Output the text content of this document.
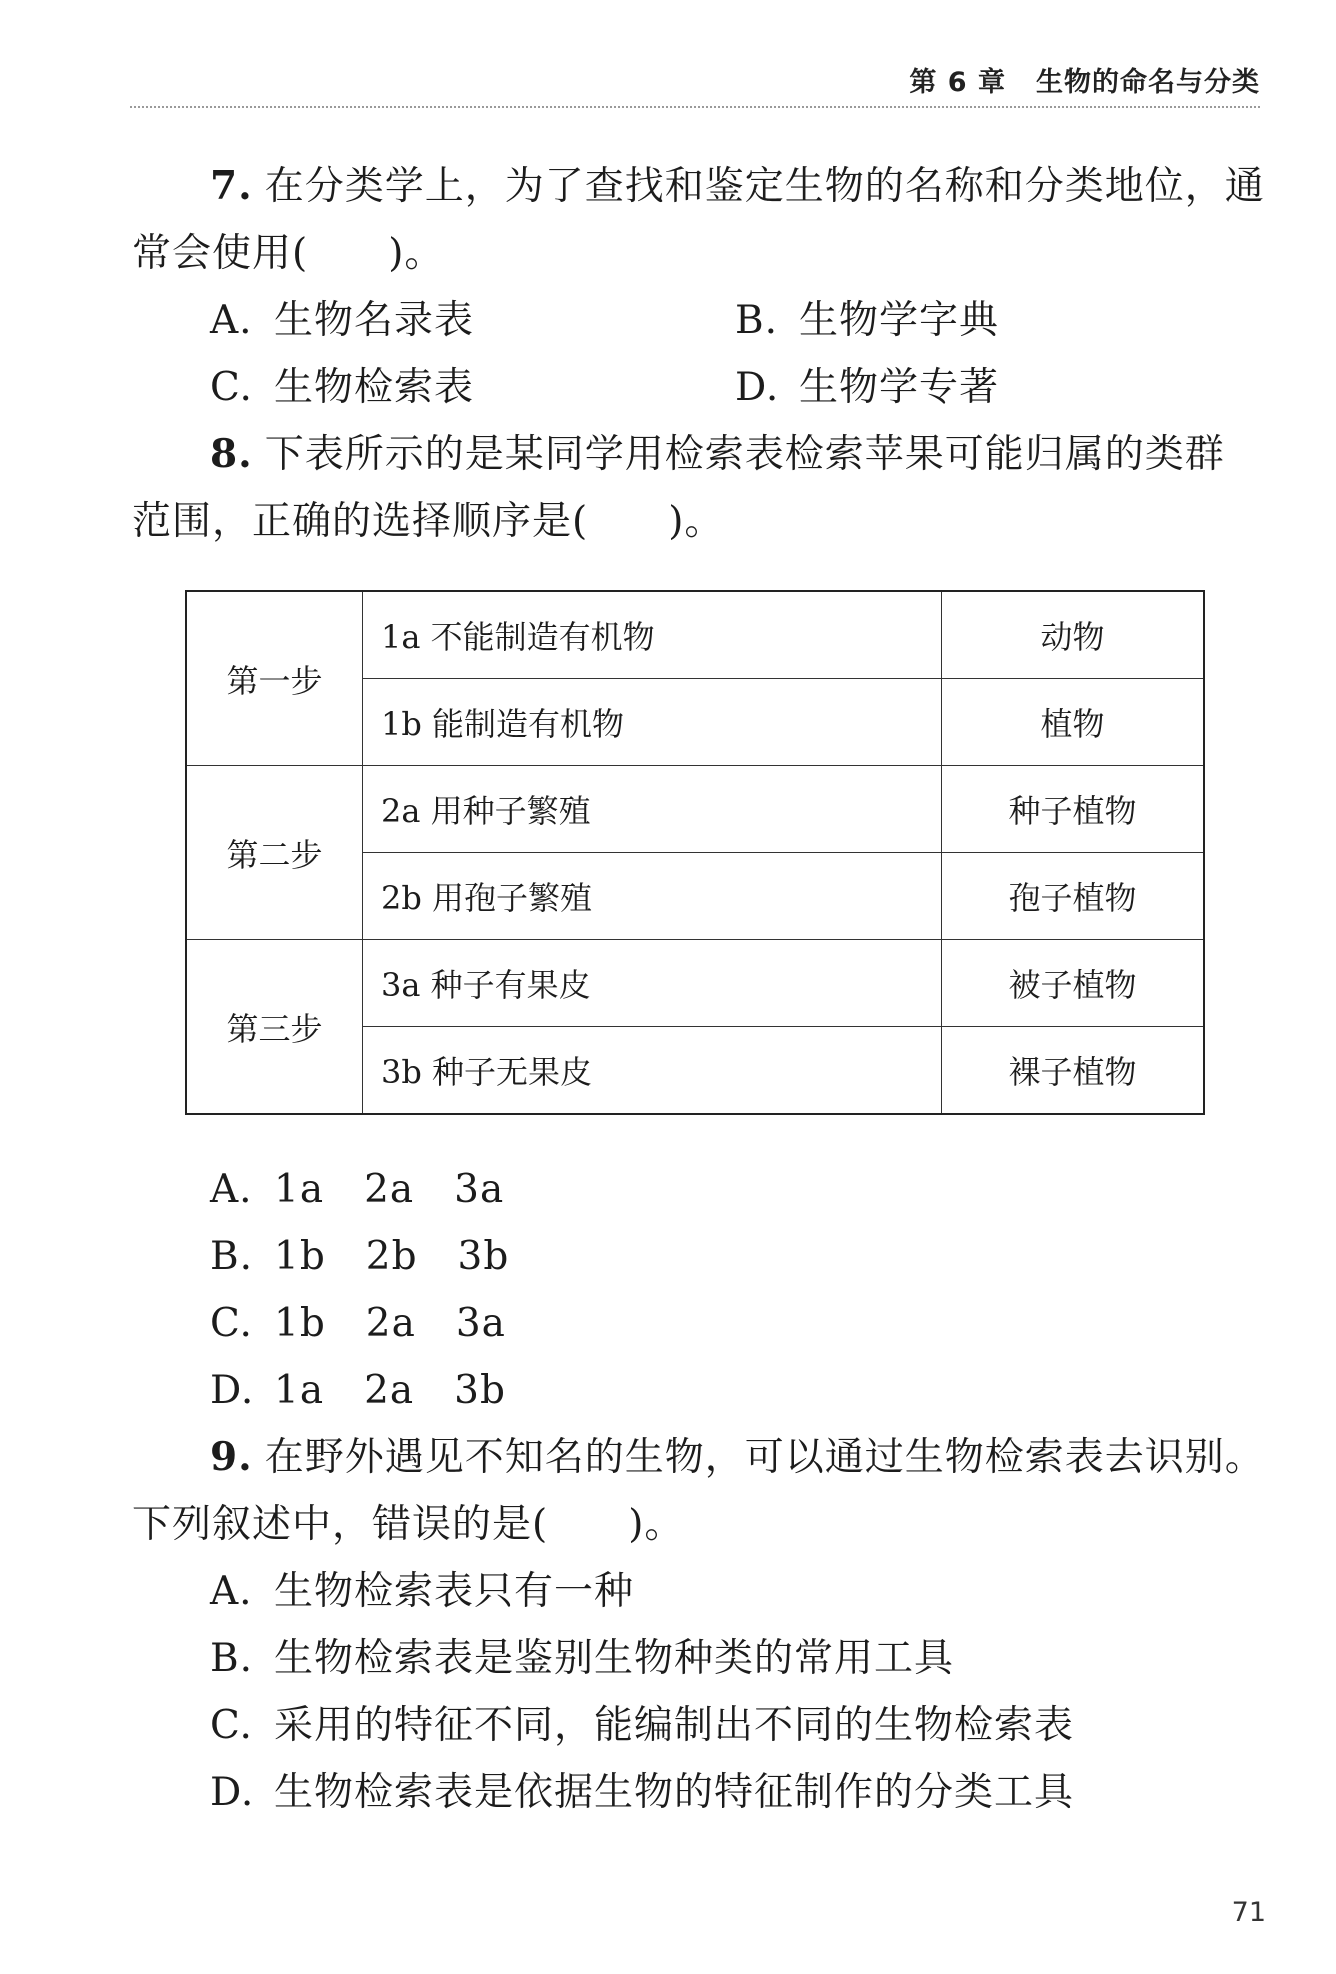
第 6 章 生物的命名与分类
7. 在分类学上，为了查找和鉴定生物的名称和分类地位，通
常会使用(　　)。
A. 生物名录表	B. 生物学字典
C. 生物检索表	D. 生物学专著
8. 下表所示的是某同学用检索表检索苹果可能归属的类群
范围，正确的选择顺序是(　　)。
第一步	1a 不能制造有机物	动物
	1b 能制造有机物	植物
第二步	2a 用种子繁殖	种子植物
	2b 用孢子繁殖	孢子植物
第三步	3a 种子有果皮	被子植物
	3b 种子无果皮	裸子植物
A. 1a　2a　3a
B. 1b　2b　3b
C. 1b　2a　3a
D. 1a　2a　3b
9. 在野外遇见不知名的生物，可以通过生物检索表去识别。
下列叙述中，错误的是(　　)。
A. 生物检索表只有一种
B. 生物检索表是鉴别生物种类的常用工具
C. 采用的特征不同，能编制出不同的生物检索表
D. 生物检索表是依据生物的特征制作的分类工具
71
